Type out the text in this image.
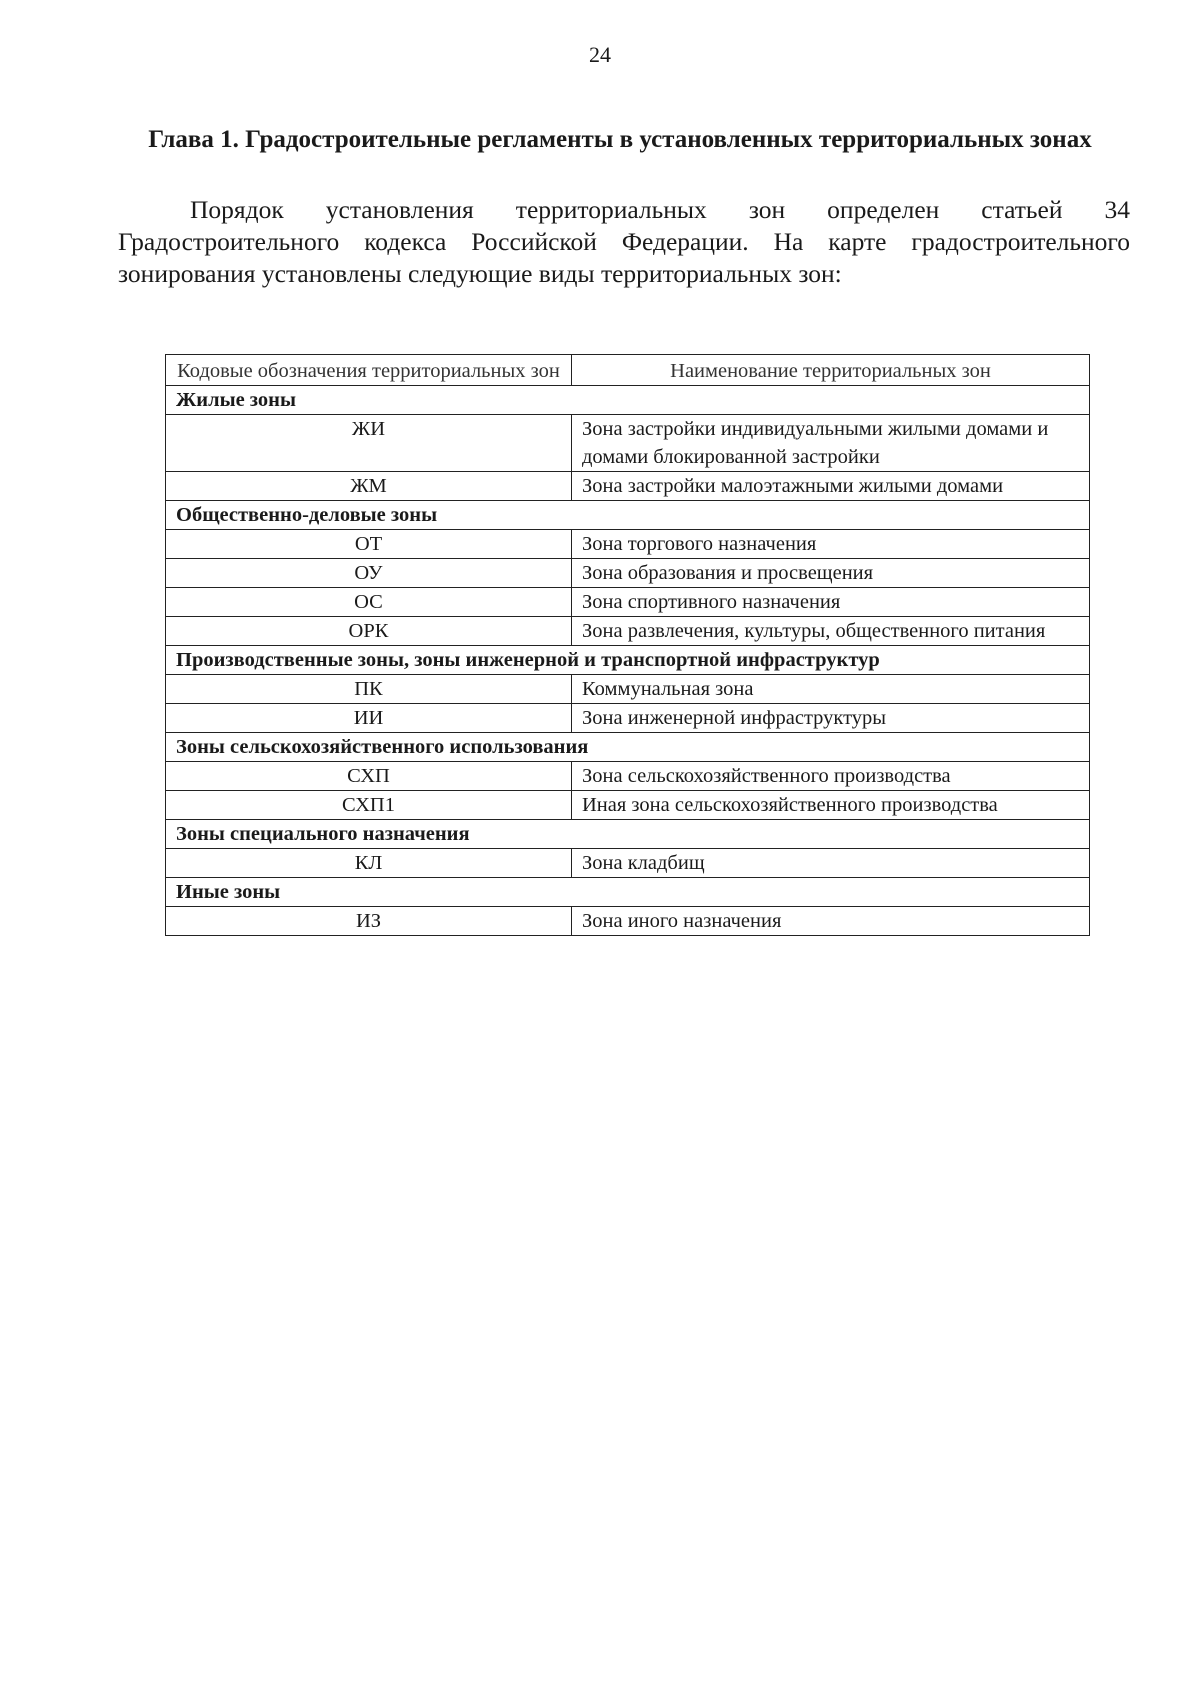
24
Глава 1. Градостроительные регламенты в установленных территориальных зонах

Порядок установления территориальных зон определен статьей 34 Градостроительного кодекса Российской Федерации. На карте градостроительного зонирования установлены следующие виды территориальных зон:

Кодовые обозначения территориальных зон	Наименование территориальных зон
Жилые зоны	
ЖИ	Зона застройки индивидуальными жилыми домами и домами блокированной застройки
ЖМ	Зона застройки малоэтажными жилыми домами
Общественно-деловые зоны	
ОТ	Зона торгового назначения
ОУ	Зона образования и просвещения
ОС	Зона спортивного назначения
ОРК	Зона развлечения, культуры, общественного питания
Производственные зоны, зоны инженерной и транспортной инфраструктур	
ПК	Коммунальная зона
ИИ	Зона инженерной инфраструктуры
Зоны сельскохозяйственного использования	
СХП	Зона сельскохозяйственного производства
СХП1	Иная зона сельскохозяйственного производства
Зоны специального назначения	
КЛ	Зона кладбищ
Иные зоны	
ИЗ	Зона иного назначения
